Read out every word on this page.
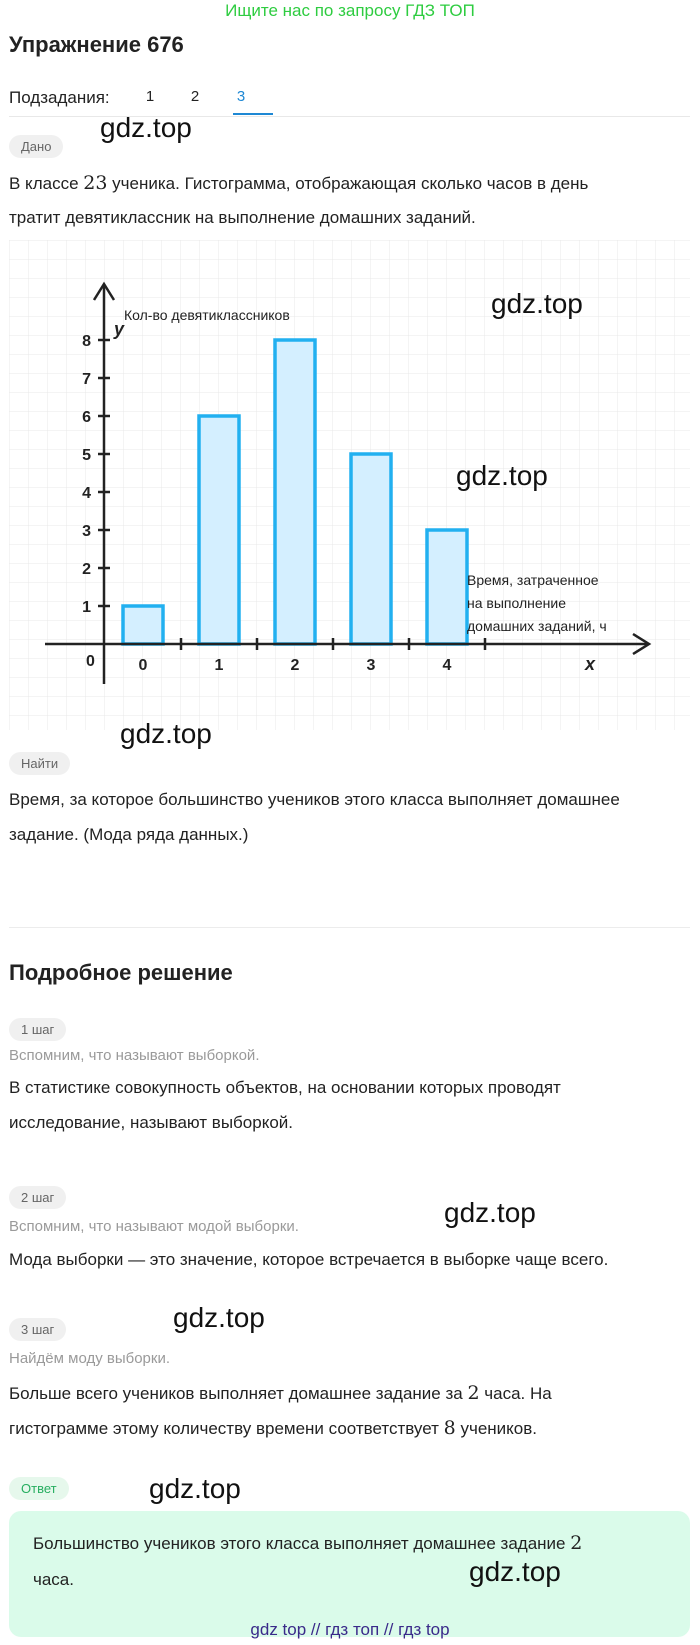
Ищите нас по запросу ГДЗ ТОП
Упражнение 676
Подзадания:	1	2	3
Дано
В классе 23 ученика. Гистограмма, отображающая сколько часов в день
тратит девятиклассник на выполнение домашних заданий.
0	1	2	3	4
1
2
3
4
5
6
7
8
Кол-во девятиклассников
y
x
0
Время, затраченное
на выполнение
домашних заданий, ч
Найти
Время, за которое большинство учеников этого класса выполняет домашнее
задание. (Мода ряда данных.)
Подробное решение
1 шаг
Вспомним, что называют выборкой.
В статистике совокупность объектов, на основании которых проводят
исследование, называют выборкой.
2 шаг
Вспомним, что называют модой выборки.
Мода выборки — это значение, которое встречается в выборке чаще всего.
3 шаг
Найдём моду выборки.
Больше всего учеников выполняет домашнее задание за 2 часа. На
гистограмме этому количеству времени соответствует 8 учеников.
Ответ
Большинство учеников этого класса выполняет домашнее задание 2
часа.
gdz.top
gdz.top
gdz.top
gdz.top
gdz.top
gdz.top
gdz.top
gdz.top
gdz top // гдз топ // гдз top
